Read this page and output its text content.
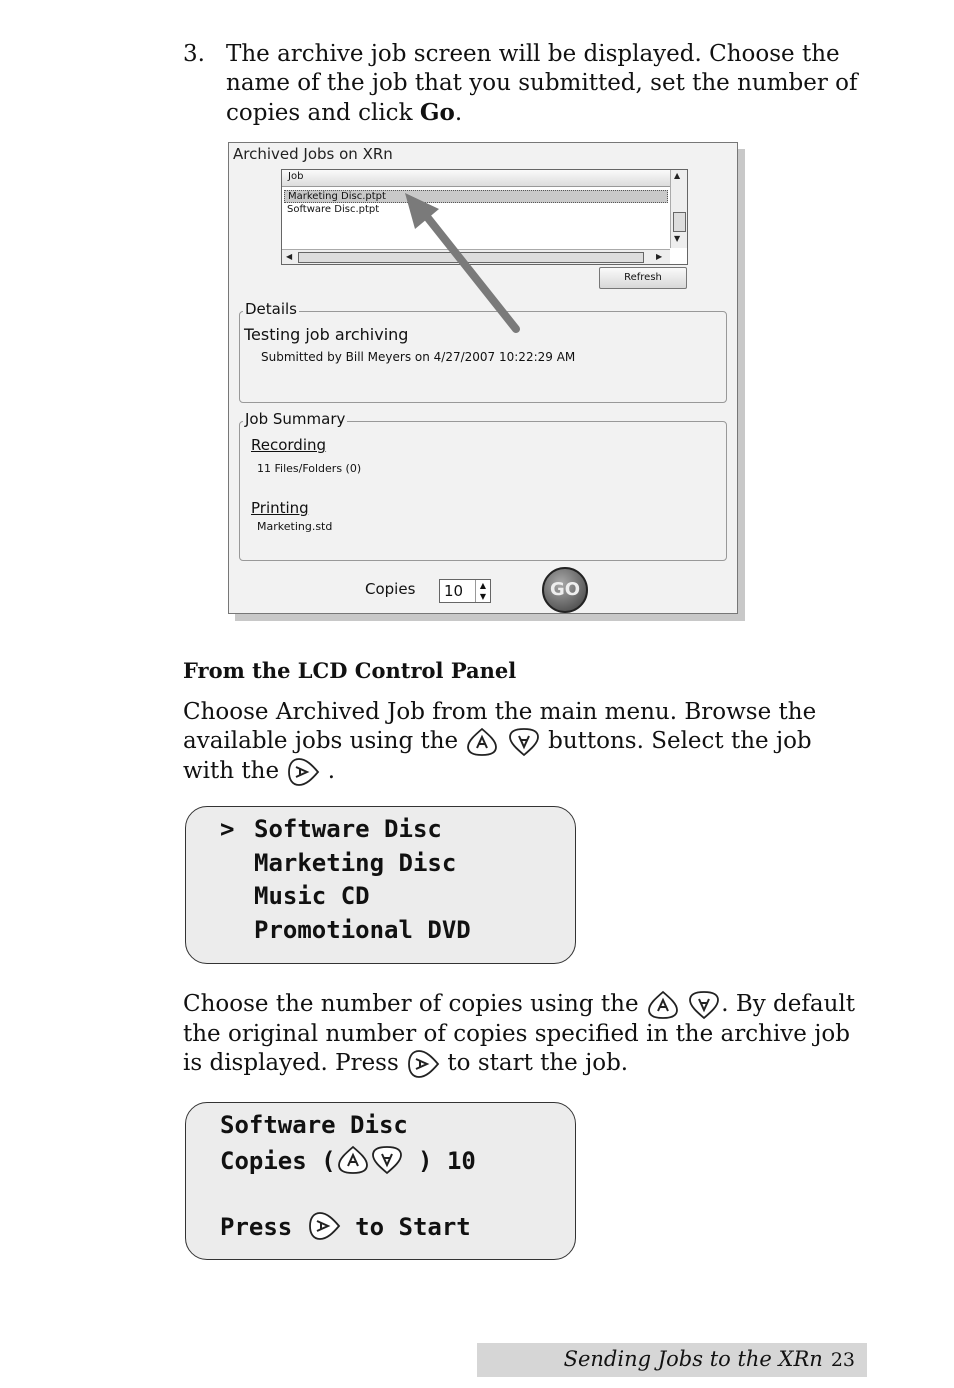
3. The archive job screen will be displayed. Choose the name of the job that you submitted, set the number of copies and click Go.
Archived Jobs on XRn
Job
Marketing Disc.ptpt
Software Disc.ptpt
▲
▼
◀	▶
Refresh
Details
Testing job archiving
Submitted by Bill Meyers on 4/27/2007 10:22:29 AM
Job Summary
Recording
11 Files/Folders (0)
Printing
Marketing.std
Copies 10	▲
▼	GO
From the LCD Control Panel
Choose Archived Job from the main menu. Browse the available jobs using the	buttons. Select the job with the .
> Software Disc
Marketing Disc
Music CD
Promotional DVD
Choose the number of copies using the	. By default the original number of copies specified in the archive job is displayed. Press to start the job.
Software Disc
Copies (	) 10
Press	to Start
Sending Jobs to the XRn 23
